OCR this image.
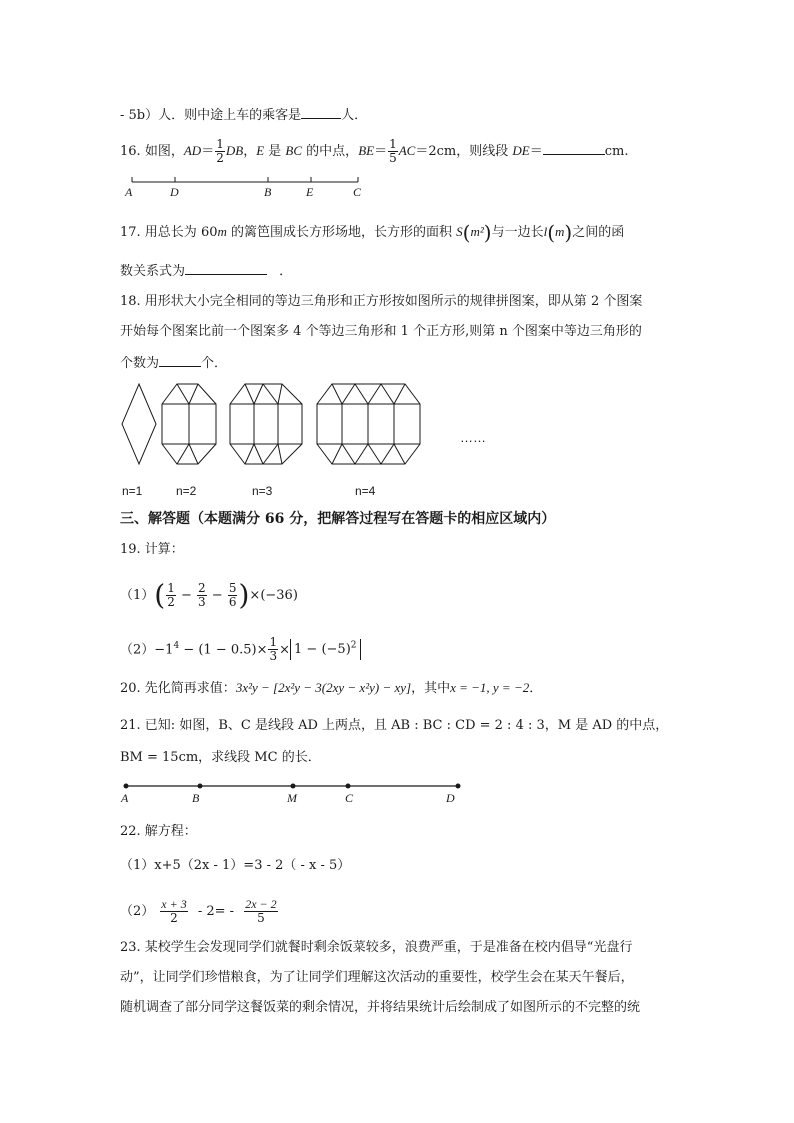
- 5b）人．则中途上车的乘客是	人．
16. 如图，$AD= \frac{1}{2}$ DB，E 是 BC 的中点，$BE= \frac{1}{5} AC=2cm$，则线段 DE＝	cm.
A	D	B	E	C
17. 用总长为 60m 的篱笆围成长方形场地，长方形的面积 S(m²)与一边长l(m)之间的函
数关系式为	．
18. 用形状大小完全相同的等边三角形和正方形按如图所示的规律拼图案，即从第 2 个图案
开始每个图案比前一个图案多 4 个等边三角形和 1 个正方形,则第 n 个图案中等边三角形的
个数为	个．
……
n=1	n=2	n=3	n=4
三、解答题（本题满分 66 分，把解答过程写在答题卡的相应区域内）
19. 计算：
$(1)( \frac{1}{2} - \frac{2}{3} - \frac{5}{6} )\times(-36)$
$(2)-1^4 - (1 - 0.5)\times \frac{1}{3} \times 1 - (-5)^2$
20. 先化简再求值：3x²y − [2x²y − 3(2xy − x²y) − xy]，其中x = −1, y = −2．
21. 已知: 如图，B、C 是线段 AD 上两点，且 AB : BC : CD = 2 : 4 : 3，M 是 AD 的中点，
BM = 15cm，求线段 MC 的长．
A	B	M	C	D
22. 解方程：
（1）x+5（2x - 1）=3 - 2（ - x - 5）
$(2) \frac{x + 3}{2} - 2= - \frac{2x - 2}{5}$
23. 某校学生会发现同学们就餐时剩余饭菜较多，浪费严重，于是准备在校内倡导“光盘行
动”，让同学们珍惜粮食，为了让同学们理解这次活动的重要性，校学生会在某天午餐后，
随机调查了部分同学这餐饭菜的剩余情况，并将结果统计后绘制成了如图所示的不完整的统
